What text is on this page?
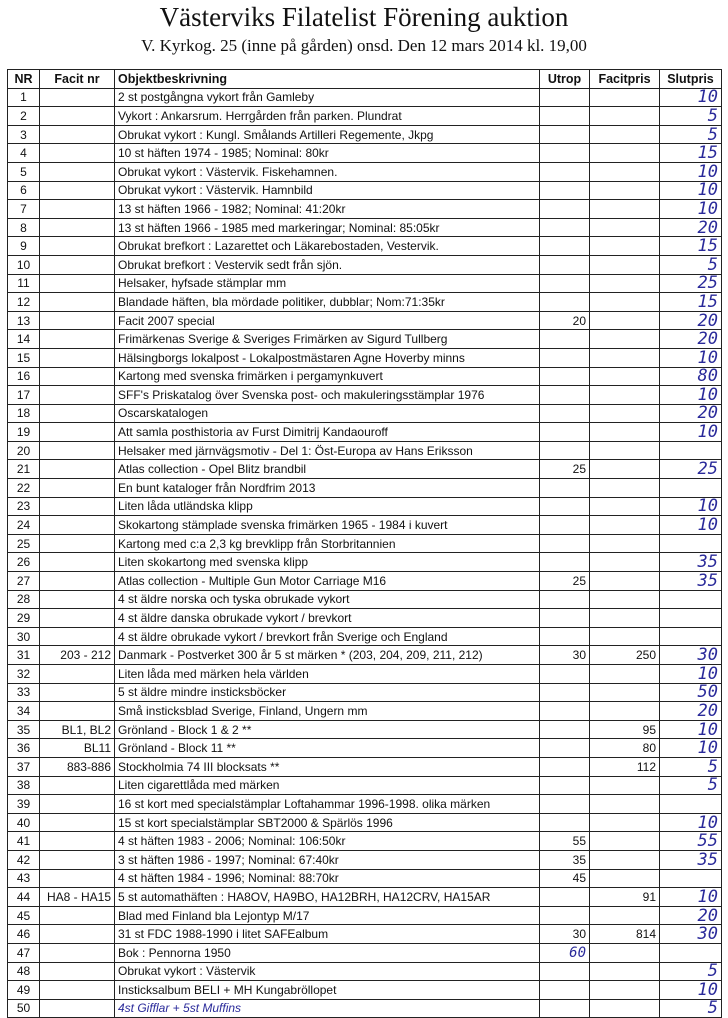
Västerviks Filatelist Förening auktion
V. Kyrkog. 25 (inne på gården) onsd. Den 12 mars 2014 kl. 19,00
NR	Facit nr	Objektbeskrivning	Utrop	Facitpris	Slutpris
1		2 st postgångna vykort från Gamleby			10
2		Vykort : Ankarsrum. Herrgården från parken. Plundrat			5
3		Obrukat vykort : Kungl. Smålands Artilleri Regemente, Jkpg			5
4		10 st häften 1974 - 1985; Nominal: 80kr			15
5		Obrukat vykort : Västervik. Fiskehamnen.			10
6		Obrukat vykort : Västervik. Hamnbild			10
7		13 st häften 1966 - 1982; Nominal: 41:20kr			10
8		13 st häften 1966 - 1985 med markeringar; Nominal: 85:05kr			20
9		Obrukat brefkort : Lazarettet och Läkarebostaden, Vestervik.			15
10		Obrukat brefkort : Vestervik sedt från sjön.			5
11		Helsaker, hyfsade stämplar mm			25
12		Blandade häften, bla mördade politiker, dubblar; Nom:71:35kr			15
13		Facit 2007 special	20		20
14		Frimärkenas Sverige & Sveriges Frimärken av Sigurd Tullberg			20
15		Hälsingborgs lokalpost - Lokalpostmästaren Agne Hoverby minns			10
16		Kartong med svenska frimärken i pergamynkuvert			80
17		SFF's Priskatalog över Svenska post- och makuleringsstämplar 1976			10
18		Oscarskatalogen			20
19		Att samla posthistoria av Furst Dimitrij Kandaouroff			10
20		Helsaker med järnvägsmotiv - Del 1: Öst-Europa av Hans Eriksson			
21		Atlas collection - Opel Blitz brandbil	25		25
22		En bunt kataloger från Nordfrim 2013			
23		Liten låda utländska klipp			10
24		Skokartong stämplade svenska frimärken 1965 - 1984 i kuvert			10
25		Kartong med c:a 2,3 kg brevklipp från Storbritannien			
26		Liten skokartong med svenska klipp			35
27		Atlas collection - Multiple Gun Motor Carriage M16	25		35
28		4 st äldre norska och tyska obrukade vykort			
29		4 st äldre danska obrukade vykort / brevkort			
30		4 st äldre obrukade vykort / brevkort från Sverige och England			
31	203 - 212	Danmark - Postverket 300 år 5 st märken * (203, 204, 209, 211, 212)	30	250	30
32		Liten låda med märken hela världen			10
33		5 st äldre mindre insticksböcker			50
34		Små insticksblad Sverige, Finland, Ungern mm			20
35	BL1, BL2	Grönland - Block 1 & 2 **		95	10
36	BL11	Grönland - Block 11 **		80	10
37	883-886	Stockholmia 74 III blocksats **		112	5
38		Liten cigarettlåda med märken			5
39		16 st kort med specialstämplar Loftahammar 1996-1998. olika märken			
40		15 st kort specialstämplar SBT2000 & Spärlös 1996			10
41		4 st häften 1983 - 2006; Nominal: 106:50kr	55		55
42		3 st häften 1986 - 1997; Nominal: 67:40kr	35		35
43		4 st häften 1984 - 1996; Nominal: 88:70kr	45		
44	HA8 - HA15	5 st automathäften : HA8OV, HA9BO, HA12BRH, HA12CRV, HA15AR		91	10
45		Blad med Finland bla Lejontyp M/17			20
46		31 st FDC 1988-1990 i litet SAFEalbum	30	814	30
47		Bok : Pennorna 1950	60		
48		Obrukat vykort : Västervik			5
49		Insticksalbum BELI + MH Kungabröllopet			10
50		4st Gifflar + 5st Muffins			5
